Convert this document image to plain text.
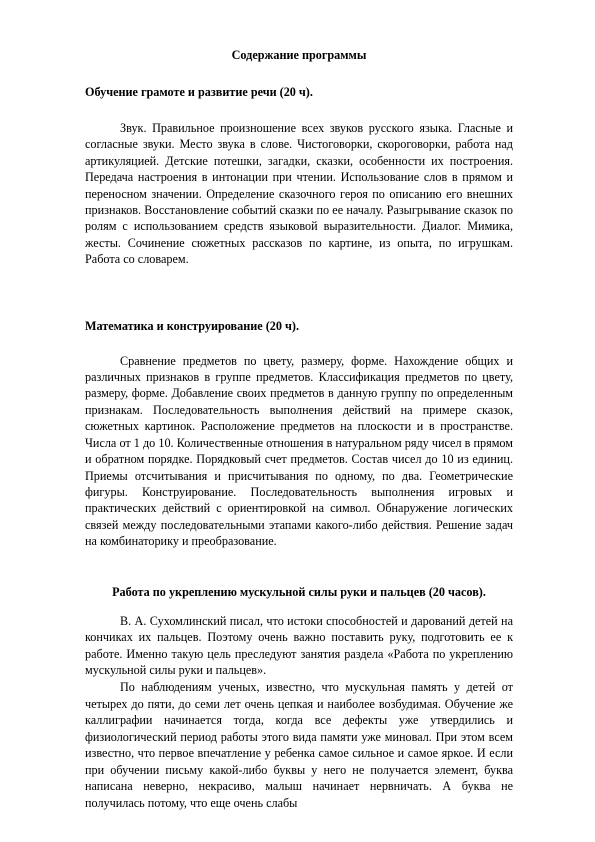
Содержание программы

Обучение грамоте и развитие речи (20 ч).

Звук. Правильное произношение всех звуков русского языка. Гласные и согласные звуки. Место звука в слове. Чистоговорки, скороговорки, работа над артикуляцией. Детские потешки, загадки, сказки, особенности их построения. Передача настроения в интонации при чтении. Использование слов в прямом и переносном значении. Определение сказочного героя по описанию его внешних признаков. Восстановление событий сказки по ее началу. Разыгрывание сказок по ролям с использованием средств языковой выразительности. Диалог. Мимика, жесты. Сочинение сюжетных рассказов по картине, из опыта, по игрушкам. Работа со словарем.

Математика и конструирование (20 ч).

Сравнение предметов по цвету, размеру, форме. Нахождение общих и различных признаков в группе предметов. Классификация предметов по цвету, размеру, форме. Добавление своих предметов в данную группу по определенным признакам. Последовательность выполнения действий на примере сказок, сюжетных картинок. Расположение предметов на плоскости и в пространстве. Числа от 1 до 10. Количественные отношения в натуральном ряду чисел в прямом и обратном порядке. Порядковый счет предметов. Состав чисел до 10 из единиц. Приемы отсчитывания и присчитывания по одному, по два. Геометрические фигуры. Конструирование. Последовательность выполнения игровых и практических действий с ориентировкой на символ. Обнаружение логических связей между последовательными этапами какого-либо действия. Решение задач на комбинаторику и преобразование.

Работа по укреплению мускульной силы руки и пальцев (20 часов).

В. А. Сухомлинский писал, что истоки способностей и дарований детей на кончиках их пальцев. Поэтому очень важно поставить руку, подготовить ее к работе. Именно такую цель преследуют занятия раздела «Работа по укреплению мускульной силы руки и пальцев».

По наблюдениям ученых, известно, что мускульная память у детей от четырех до пяти, до семи лет очень цепкая и наиболее возбудимая. Обучение же каллиграфии начинается тогда, когда все дефекты уже утвердились и физиологический период работы этого вида памяти уже миновал. При этом всем известно, что первое впечатление у ребенка самое сильное и самое яркое. И если при обучении письму какой-либо буквы у него не получается элемент, буква написана неверно, некрасиво, малыш начинает нервничать. А буква не получилась потому, что еще очень слабы
